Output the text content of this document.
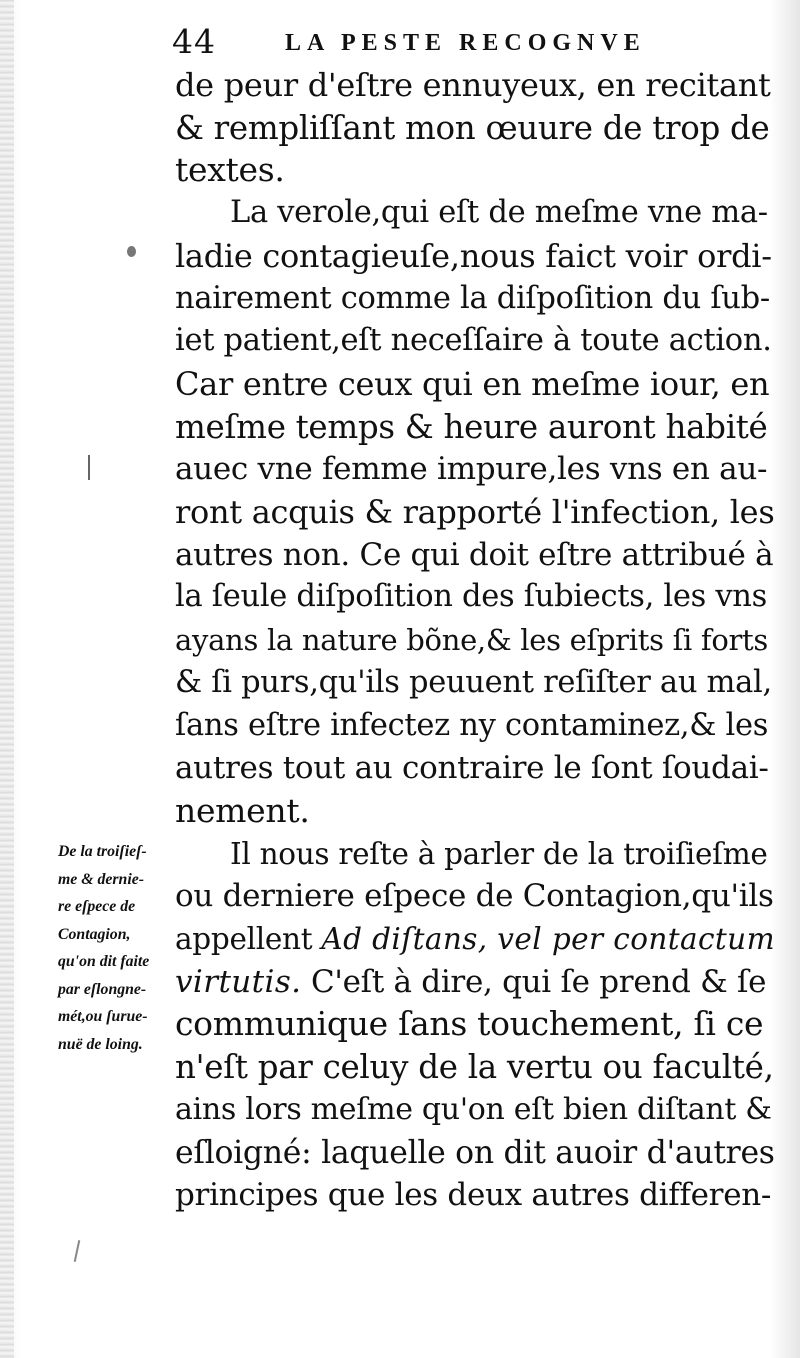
44	LA PESTE RECOGNVE
de peur d'eſtre ennuyeux, en recitant
& rempliſſant mon œuure de trop de
textes.
La verole,qui eſt de meſme vne ma-
ladie contagieuſe,nous faict voir ordi-
nairement comme la diſpoſition du ſub-
iet patient,eſt neceſſaire à toute action.
Car entre ceux qui en meſme iour, en
meſme temps & heure auront habité
auec vne femme impure,les vns en au-
ront acquis & rapporté l'infection, les
autres non. Ce qui doit eſtre attribué à
la ſeule diſpoſition des ſubiects, les vns
ayans la nature bõne,& les eſprits ſi forts
& ſi purs,qu'ils peuuent reſiſter au mal,
ſans eſtre infectez ny contaminez,& les
autres tout au contraire le ſont ſoudai-
nement.
Il nous reſte à parler de la troiſieſme
ou derniere eſpece de Contagion,qu'ils
appellent Ad diſtans, vel per contactum
virtutis. C'eſt à dire, qui ſe prend & ſe
communique ſans touchement, ſi ce
n'eſt par celuy de la vertu ou faculté,
ains lors meſme qu'on eſt bien diſtant &
eſloigné: laquelle on dit auoir d'autres
principes que les deux autres differen-
De la troiſieſ-
me & dernie-
re eſpece de
Contagion,
qu'on dit faite
par eſlongne-
mét,ou ſurue-
nuë de loing.
